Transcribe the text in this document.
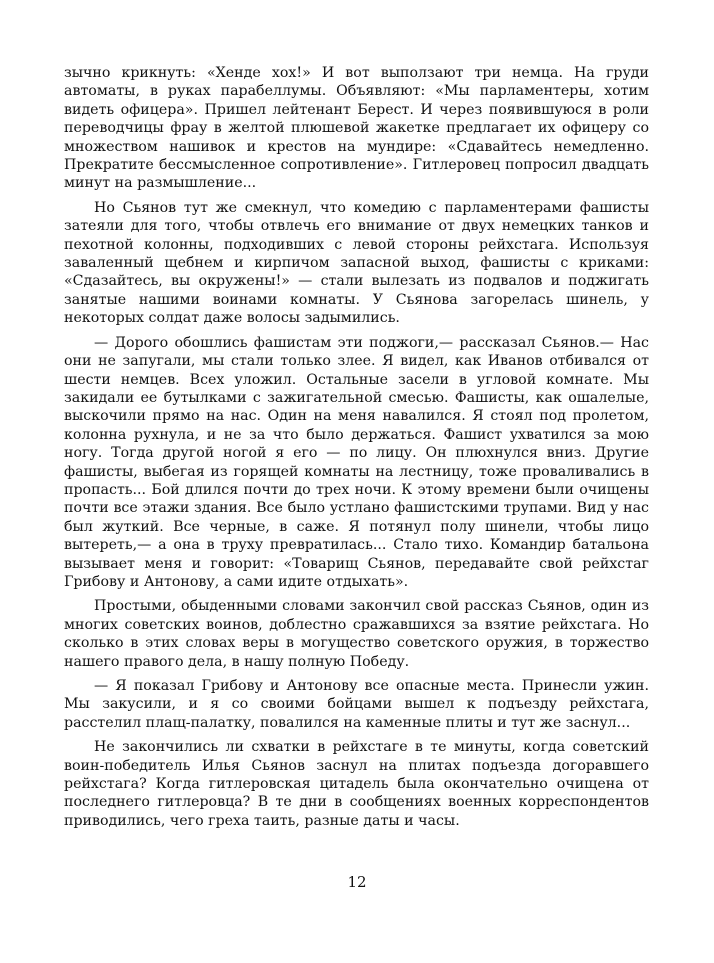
зычно крикнуть: «Хенде хох!» И вот выползают три немца. На груди автоматы, в руках парабеллумы. Объявляют: «Мы парламентеры, хотим видеть офицера». Пришел лейтенант Берест. И через появившуюся в роли переводчицы фрау в желтой плюшевой жакетке предлагает их офицеру со множеством нашивок и крестов на мундире: «Сдавайтесь немедленно. Прекратите бессмысленное сопротивление». Гитлеровец попросил двадцать минут на размышление...

Но Сьянов тут же смекнул, что комедию с парламентерами фашисты затеяли для того, чтобы отвлечь его внимание от двух немецких танков и пехотной колонны, подходивших с левой стороны рейхстага. Используя заваленный щебнем и кирпичом запасной выход, фашисты с криками: «Сдазайтесь, вы окружены!» — стали вылезать из подвалов и поджигать занятые нашими воинами комнаты. У Сьянова загорелась шинель, у некоторых солдат даже волосы задымились.

— Дорого обошлись фашистам эти поджоги,— рассказал Сьянов.— Нас они не запугали, мы стали только злее. Я видел, как Иванов отбивался от шести немцев. Всех уложил. Остальные засели в угловой комнате. Мы закидали ее бутылками с зажигательной смесью. Фашисты, как ошалелые, выскочили прямо на нас. Один на меня навалился. Я стоял под пролетом, колонна рухнула, и не за что было держаться. Фашист ухватился за мою ногу. Тогда другой ногой я его — по лицу. Он плюхнулся вниз. Другие фашисты, выбегая из горящей комнаты на лестницу, тоже проваливались в пропасть... Бой длился почти до трех ночи. К этому времени были очищены почти все этажи здания. Все было устлано фашистскими трупами. Вид у нас был жуткий. Все черные, в саже. Я потянул полу шинели, чтобы лицо вытереть,— а она в труху превратилась... Стало тихо. Командир батальона вызывает меня и говорит: «Товарищ Сьянов, передавайте свой рейхстаг Грибову и Антонову, а сами идите отдыхать».

Простыми, обыденными словами закончил свой рассказ Сьянов, один из многих советских воинов, доблестно сражавшихся за взятие рейхстага. Но сколько в этих словах веры в могущество советского оружия, в торжество нашего правого дела, в нашу полную Победу.

— Я показал Грибову и Антонову все опасные места. Принесли ужин. Мы закусили, и я со своими бойцами вышел к подъезду рейхстага, расстелил плащ-палатку, повалился на каменные плиты и тут же заснул...

Не закончились ли схватки в рейхстаге в те минуты, когда советский воин-победитель Илья Сьянов заснул на плитах подъезда догоравшего рейхстага? Когда гитлеровская цитадель была окончательно очищена от последнего гитлеровца? В те дни в сообщениях военных корреспондентов приводились, чего греха таить, разные даты и часы.

12
